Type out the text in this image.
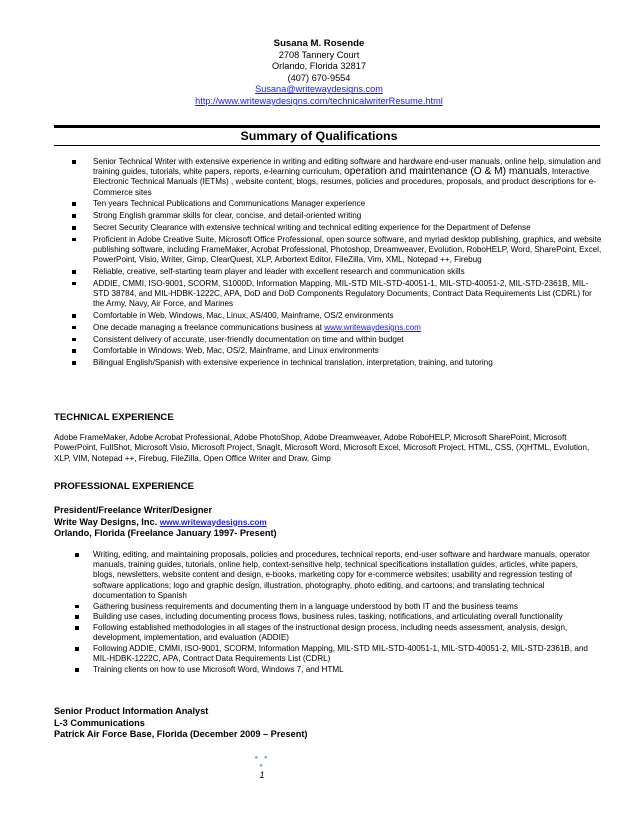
Susana M. Rosende
2708 Tannery Court
Orlando, Florida 32817
(407) 670-9554
Susana@writewaydesigns.com
http://www.writewaydesigns.com/technicalwriterResume.html
Summary of Qualifications
Senior Technical Writer with extensive experience in writing and editing software and hardware end-user manuals, online help, simulation and training guides, tutorials, white papers, reports, e-learning curriculum, operation and maintenance (O & M) manuals, Interactive Electronic Technical Manuals (IETMs) , website content, blogs, resumes, policies and procedures, proposals, and product descriptions for e-Commerce sites
Ten years Technical Publications and Communications Manager experience
Strong English grammar skills for clear, concise, and detail-oriented writing
Secret Security Clearance with extensive technical writing and technical editing experience for the Department of Defense
Proficient in Adobe Creative Suite, Microsoft Office Professional, open source software, and myriad desktop publishing, graphics, and website publishing software, including FrameMaker, Acrobat Professional, Photoshop, Dreamweaver, Evolution, RoboHELP, Word, SharePoint, Excel, PowerPoint, Visio, Writer, Gimp, ClearQuest, XLP, Arbortext Editor, FileZilla, Vim, XML, Notepad ++, Firebug
Reliable, creative, self-starting team player and leader with excellent research and communication skills
ADDIE, CMMI, ISO-9001, SCORM, S1000D, Information Mapping, MIL-STD MIL-STD-40051-1, MIL-STD-40051-2, MIL-STD-2361B, MIL-STD 38784, and MIL-HDBK-1222C, APA, DoD and DoD Components Regulatory Documents, Contract Data Requirements List (CDRL) for the Army, Navy, Air Force, and Marines
Comfortable in Web, Windows, Mac, Linux, AS/400, Mainframe, OS/2 environments
One decade managing a freelance communications business at www.writewaydesigns.com
Consistent delivery of accurate, user-friendly documentation on time and within budget
Comfortable in Windows, Web, Mac, OS/2, Mainframe, and Linux environments
Bilingual English/Spanish with extensive experience in technical translation, interpretation, training, and tutoring
TECHNICAL EXPERIENCE
Adobe FrameMaker, Adobe Acrobat Professional, Adobe PhotoShop, Adobe Dreamweaver, Adobe RoboHELP, Microsoft SharePoint, Microsoft PowerPoint, FullShot, Microsoft Visio, Microsoft Project, SnagIt, Microsoft Word, Microsoft Excel, Microsoft Project, HTML, CSS, (X)HTML, Evolution, XLP, VIM, Notepad ++, Firebug, FileZilla, Open Office Writer and Draw, Gimp
PROFESSIONAL EXPERIENCE
President/Freelance Writer/Designer
Write Way Designs, Inc. www.writewaydesigns.com
Orlando, Florida (Freelance January 1997- Present)
Writing, editing, and maintaining proposals, policies and procedures, technical reports, end-user software and hardware manuals, operator manuals, training guides, tutorials, online help, context-sensitive help, technical specifications installation guides, articles, white papers, blogs, newsletters, website content and design, e-books, marketing copy for e-commerce websites; usability and regression testing of software applications; logo and graphic design, illustration, photography, photo editing, and cartoons; and translating technical documentation to Spanish
Gathering business requirements and documenting them in a language understood by both IT and the business teams
Building use cases, including documenting process flows, business rules, tasking, notifications, and articulating overall functionality
Following established methodologies in all stages of the instructional design process, including needs assessment, analysis, design, development, implementation, and evaluation (ADDIE)
Following ADDIE, CMMI, ISO-9001, SCORM, Information Mapping, MIL-STD MIL-STD-40051-1, MIL-STD-40051-2, MIL-STD-2361B, and MIL-HDBK-1222C, APA, Contract Data Requirements List (CDRL)
Training clients on how to use Microsoft Word, Windows 7, and HTML
Senior Product Information Analyst
L-3 Communications
Patrick Air Force Base, Florida (December 2009 – Present)
● ● ●
1
